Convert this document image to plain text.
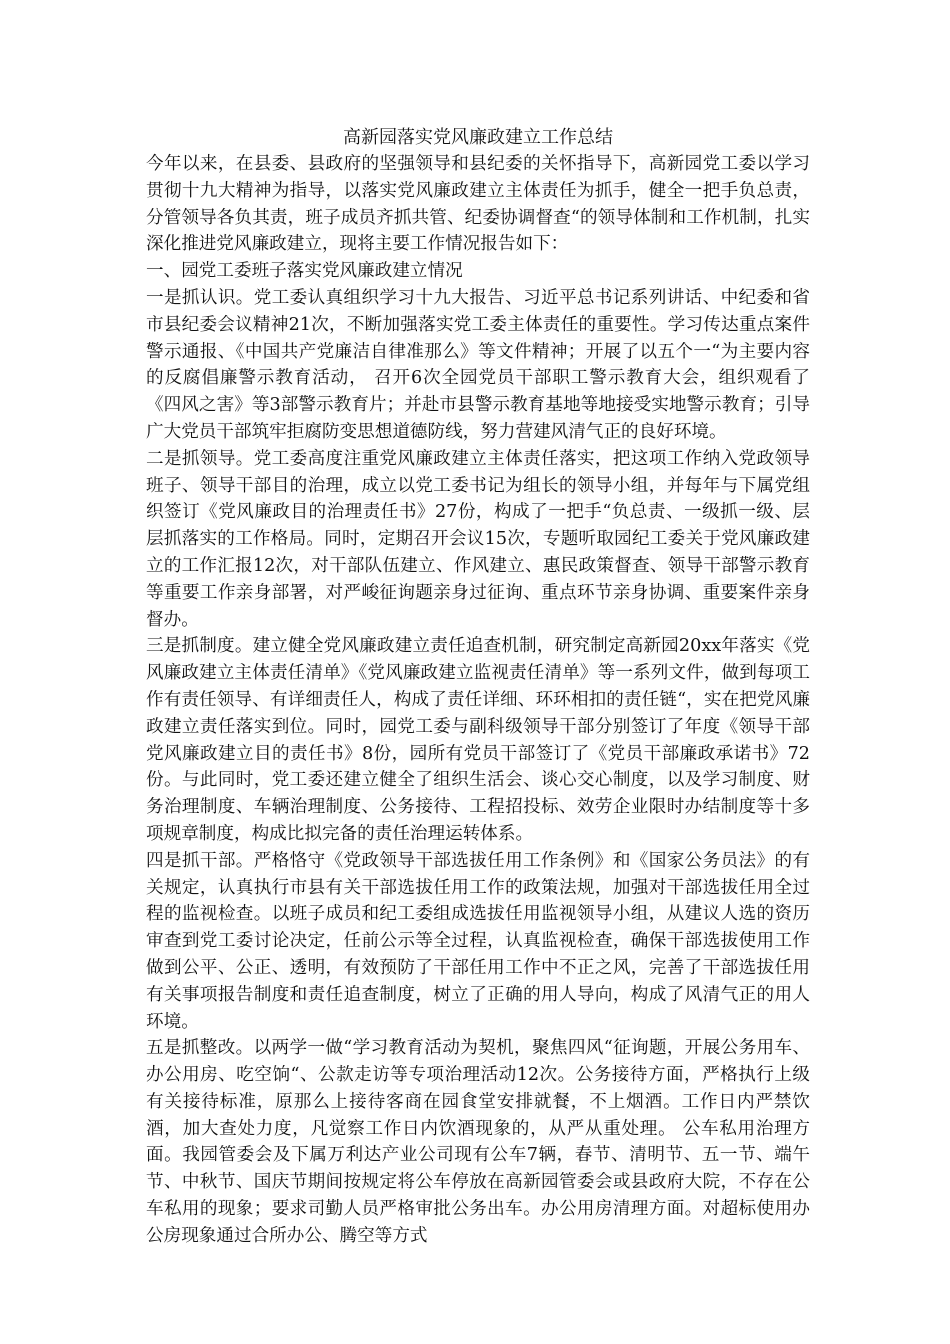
高新园落实党风廉政建立工作总结

今年以来，在县委、县政府的坚强领导和县纪委的关怀指导下，高新园党工委以学习贯彻十九大精神为指导，以落实党风廉政建立主体责任为抓手，健全一把手负总责，分管领导各负其责，班子成员齐抓共管、纪委协调督查“的领导体制和工作机制，扎实深化推进党风廉政建立，现将主要工作情况报告如下：

一、园党工委班子落实党风廉政建立情况

一是抓认识。党工委认真组织学习十九大报告、习近平总书记系列讲话、中纪委和省市县纪委会议精神21次，不断加强落实党工委主体责任的重要性。学习传达重点案件警示通报、《中国共产党廉洁自律准那么》等文件精神；开展了以五个一“为主要内容的反腐倡廉警示教育活动， 召开6次全园党员干部职工警示教育大会，组织观看了《四风之害》等3部警示教育片；并赴市县警示教育基地等地接受实地警示教育；引导广大党员干部筑牢拒腐防变思想道德防线，努力营建风清气正的良好环境。

二是抓领导。党工委高度注重党风廉政建立主体责任落实，把这项工作纳入党政领导班子、领导干部目的治理，成立以党工委书记为组长的领导小组，并每年与下属党组织签订《党风廉政目的治理责任书》27份，构成了一把手“负总责、一级抓一级、层层抓落实的工作格局。同时，定期召开会议15次，专题听取园纪工委关于党风廉政建立的工作汇报12次，对干部队伍建立、作风建立、惠民政策督查、领导干部警示教育等重要工作亲身部署，对严峻征询题亲身过征询、重点环节亲身协调、重要案件亲身督办。

三是抓制度。建立健全党风廉政建立责任追查机制，研究制定高新园20xx年落实《党风廉政建立主体责任清单》《党风廉政建立监视责任清单》等一系列文件，做到每项工作有责任领导、有详细责任人，构成了责任详细、环环相扣的责任链“，实在把党风廉政建立责任落实到位。同时，园党工委与副科级领导干部分别签订了年度《领导干部党风廉政建立目的责任书》8份，园所有党员干部签订了《党员干部廉政承诺书》72份。与此同时，党工委还建立健全了组织生活会、谈心交心制度，以及学习制度、财务治理制度、车辆治理制度、公务接待、工程招投标、效劳企业限时办结制度等十多项规章制度，构成比拟完备的责任治理运转体系。

四是抓干部。严格恪守《党政领导干部选拔任用工作条例》和《国家公务员法》的有关规定，认真执行市县有关干部选拔任用工作的政策法规，加强对干部选拔任用全过程的监视检查。以班子成员和纪工委组成选拔任用监视领导小组，从建议人选的资历审查到党工委讨论决定，任前公示等全过程，认真监视检查，确保干部选拔使用工作做到公平、公正、透明，有效预防了干部任用工作中不正之风，完善了干部选拔任用有关事项报告制度和责任追查制度，树立了正确的用人导向，构成了风清气正的用人环境。

五是抓整改。以两学一做“学习教育活动为契机，聚焦四风“征询题，开展公务用车、办公用房、吃空饷“、公款走访等专项治理活动12次。公务接待方面，严格执行上级有关接待标准，原那么上接待客商在园食堂安排就餐，不上烟酒。工作日内严禁饮酒，加大查处力度，凡觉察工作日内饮酒现象的，从严从重处理。 公车私用治理方面。我园管委会及下属万利达产业公司现有公车7辆，春节、清明节、五一节、端午节、中秋节、国庆节期间按规定将公车停放在高新园管委会或县政府大院，不存在公车私用的现象；要求司勤人员严格审批公务出车。办公用房清理方面。对超标使用办公房现象通过合所办公、腾空等方式
